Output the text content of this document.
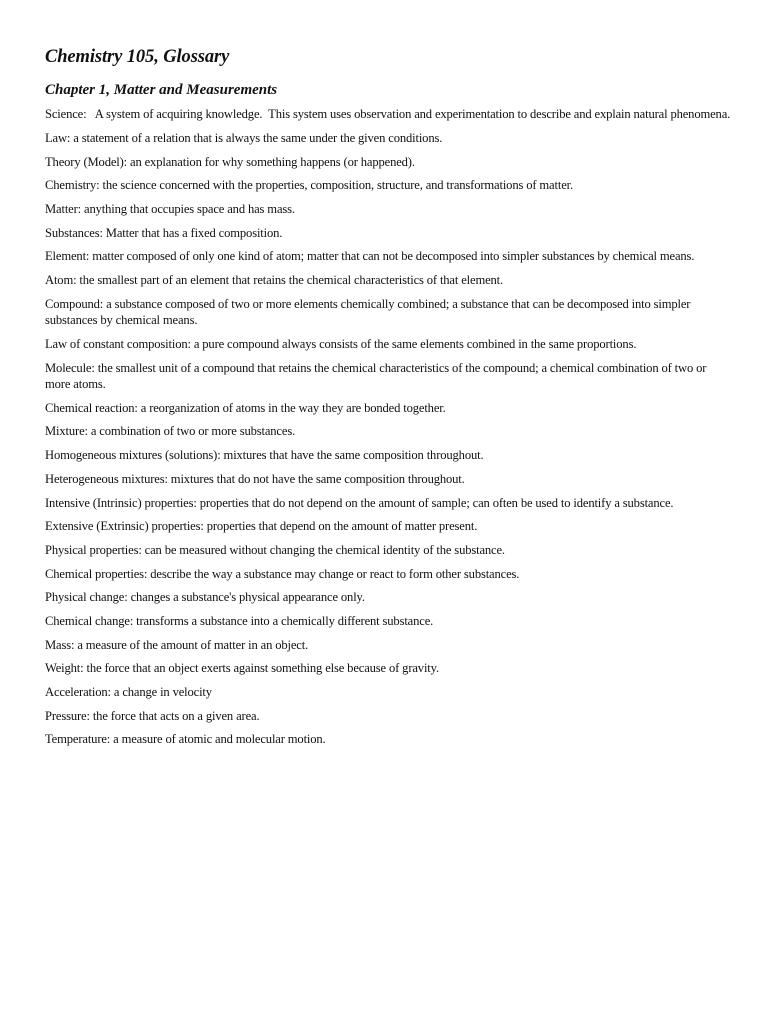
Chemistry 105, Glossary
Chapter 1, Matter and Measurements

Science:   A system of acquiring knowledge.  This system uses observation and experimentation to describe and explain natural phenomena.

Law: a statement of a relation that is always the same under the given conditions.

Theory (Model): an explanation for why something happens (or happened).

Chemistry: the science concerned with the properties, composition, structure, and transformations of matter.

Matter: anything that occupies space and has mass.

Substances: Matter that has a fixed composition.

Element: matter composed of only one kind of atom; matter that can not be decomposed into simpler substances by chemical means.

Atom: the smallest part of an element that retains the chemical characteristics of that element.

Compound: a substance composed of two or more elements chemically combined; a substance that can be decomposed into simpler substances by chemical means.

Law of constant composition: a pure compound always consists of the same elements combined in the same proportions.

Molecule: the smallest unit of a compound that retains the chemical characteristics of the compound; a chemical combination of two or    more atoms.

Chemical reaction: a reorganization of atoms in the way they are bonded together.

Mixture: a combination of two or more substances.

Homogeneous mixtures (solutions): mixtures that have the same composition throughout.

Heterogeneous mixtures: mixtures that do not have the same composition throughout.

Intensive (Intrinsic) properties: properties that do not depend on the amount of sample; can often be used to identify a substance.

Extensive (Extrinsic) properties: properties that depend on the amount of matter present.

Physical properties: can be measured without changing the chemical identity of the substance.

Chemical properties: describe the way a substance may change or react to form other substances.

Physical change: changes a substance's physical appearance only.

Chemical change: transforms a substance into a chemically different substance.

Mass: a measure of the amount of matter in an object.

Weight: the force that an object exerts against something else because of gravity.

Acceleration: a change in velocity

Pressure: the force that acts on a given area.

Temperature: a measure of atomic and molecular motion.
